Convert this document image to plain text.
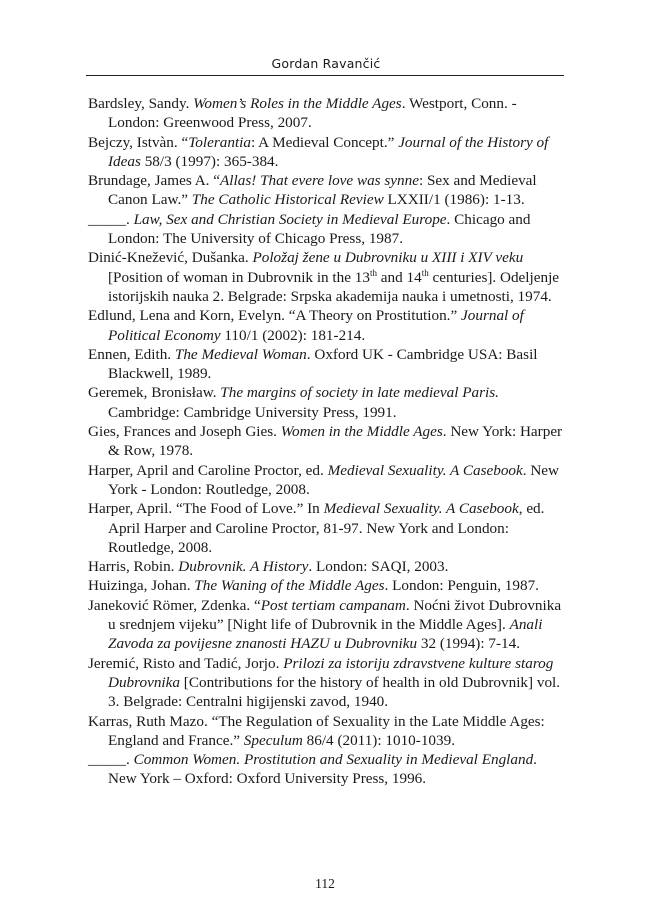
Gordan Ravančić

Bardsley, Sandy. Women’s Roles in the Middle Ages. Westport, Conn. - London: Greenwood Press, 2007.

Bejczy, Istvàn. “Tolerantia: A Medieval Concept.” Journal of the History of Ideas 58/3 (1997): 365-384.

Brundage, James A. “Allas! That evere love was synne: Sex and Medieval Canon Law.” The Catholic Historical Review LXXII/1 (1986): 1-13.

_____. Law, Sex and Christian Society in Medieval Europe. Chicago and London: The University of Chicago Press, 1987.

Dinić-Knežević, Dušanka. Položaj žene u Dubrovniku u XIII i XIV veku [Position of woman in Dubrovnik in the 13th and 14th centuries]. Odeljenje istorijskih nauka 2. Belgrade: Srpska akademija nauka i umetnosti, 1974.

Edlund, Lena and Korn, Evelyn. “A Theory on Prostitution.” Journal of Political Economy 110/1 (2002): 181-214.

Ennen, Edith. The Medieval Woman. Oxford UK - Cambridge USA: Basil Blackwell, 1989.

Geremek, Bronisław. The margins of society in late medieval Paris. Cambridge: Cambridge University Press, 1991.

Gies, Frances and Joseph Gies. Women in the Middle Ages. New York: Harper & Row, 1978.

Harper, April and Caroline Proctor, ed. Medieval Sexuality. A Casebook. New York - London: Routledge, 2008.

Harper, April. “The Food of Love.” In Medieval Sexuality. A Casebook, ed. April Harper and Caroline Proctor, 81-97. New York and London: Routledge, 2008.

Harris, Robin. Dubrovnik. A History. London: SAQI, 2003.

Huizinga, Johan. The Waning of the Middle Ages. London: Penguin, 1987.

Janeković Römer, Zdenka. “Post tertiam campanam. Noćni život Dubrovnika u srednjem vijeku” [Night life of Dubrovnik in the Middle Ages]. Anali Zavoda za povijesne znanosti HAZU u Dubrovniku 32 (1994): 7-14.

Jeremić, Risto and Tadić, Jorjo. Prilozi za istoriju zdravstvene kulture starog Dubrovnika [Contributions for the history of health in old Dubrovnik] vol. 3. Belgrade: Centralni higijenski zavod, 1940.

Karras, Ruth Mazo. “The Regulation of Sexuality in the Late Middle Ages: England and France.” Speculum 86/4 (2011): 1010-1039.

_____. Common Women. Prostitution and Sexuality in Medieval England. New York – Oxford: Oxford University Press, 1996.

112
